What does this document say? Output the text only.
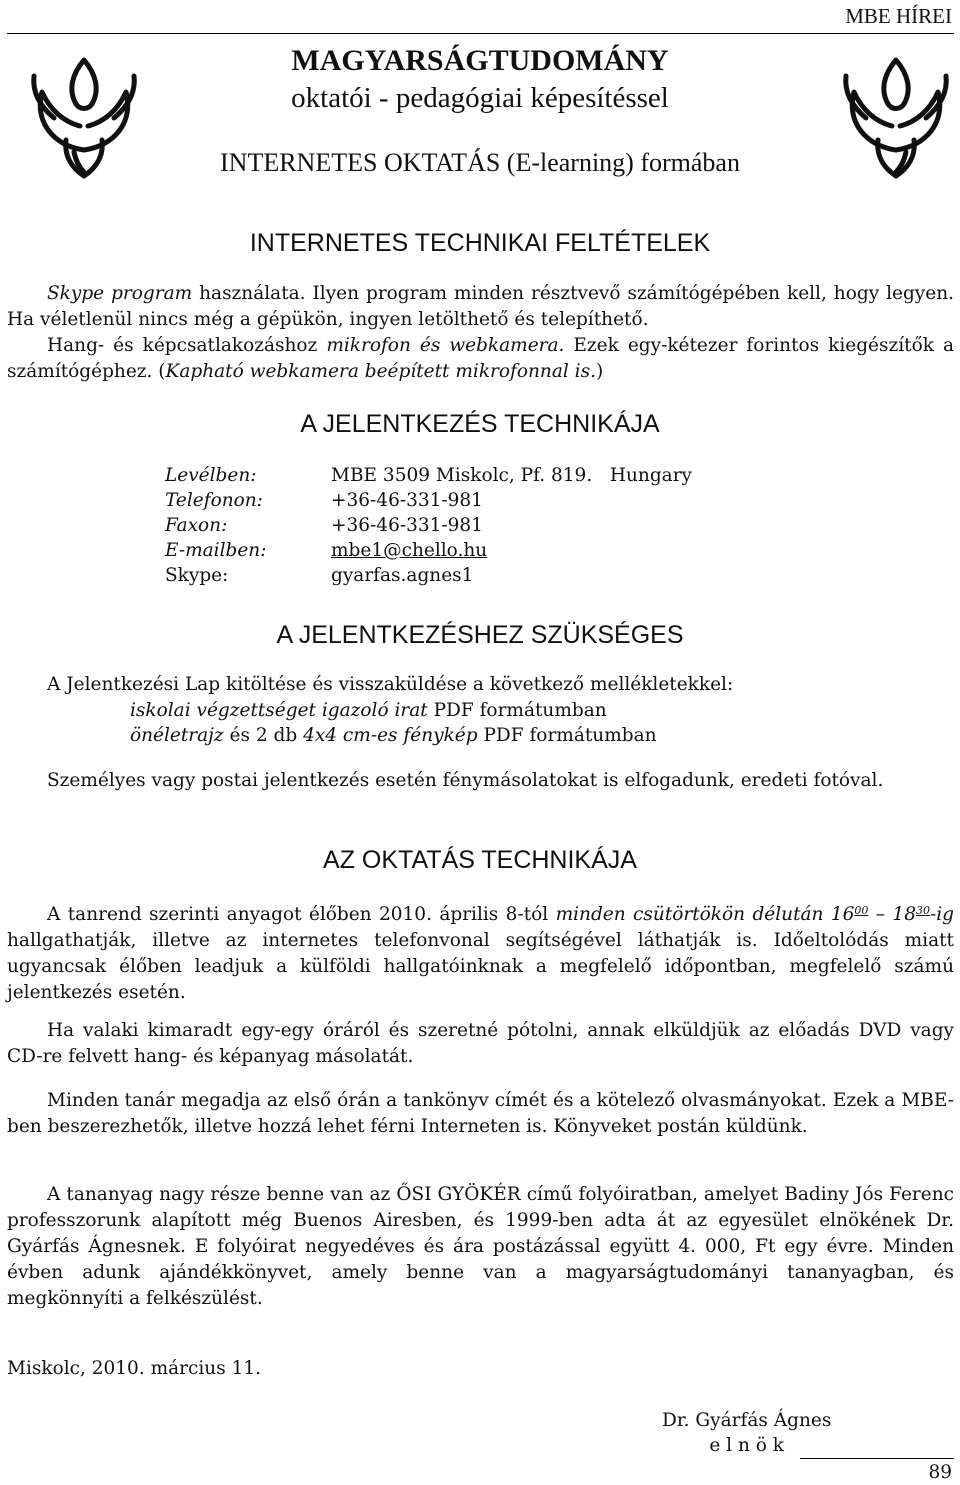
MBE HÍREI
MAGYARSÁGTUDOMÁNY
oktatói - pedagógiai képesítéssel
INTERNETES OKTATÁS (E-learning) formában
INTERNETES TECHNIKAI FELTÉTELEK

Skype program használata. Ilyen program minden résztvevő számítógépében kell, hogy legyen. Ha véletlenül nincs még a gépükön, ingyen letölthető és telepíthető.

Hang- és képcsatlakozáshoz mikrofon és webkamera. Ezek egy-kétezer forintos kiegészítők a számítógéphez. (Kapható webkamera beépített mikrofonnal is.)

A JELENTKEZÉS TECHNIKÁJA
Levélben:	MBE 3509 Miskolc, Pf. 819.   Hungary
Telefonon:	+36-46-331-981
Faxon:	+36-46-331-981
E-mailben:	mbe1@chello.hu
Skype:	gyarfas.agnes1
A JELENTKEZÉSHEZ SZÜKSÉGES

A Jelentkezési Lap kitöltése és visszaküldése a következő mellékletekkel:

iskolai végzettséget igazoló irat PDF formátumban

önéletrajz és 2 db 4x4 cm-es fénykép PDF formátumban

Személyes vagy postai jelentkezés esetén fénymásolatokat is elfogadunk, eredeti fotóval.

AZ OKTATÁS TECHNIKÁJA

A tanrend szerinti anyagot élőben 2010. április 8-tól minden csütörtökön délután $16^{00} - 18^{30}-ig$ hallgathatják, illetve az internetes telefonvonal segítségével láthatják is. Időeltolódás miatt ugyancsak élőben leadjuk a külföldi hallgatóinknak a megfelelő időpontban, megfelelő számú jelentkezés esetén.

Ha valaki kimaradt egy-egy óráról és szeretné pótolni, annak elküldjük az előadás DVD vagy CD-re felvett hang- és képanyag másolatát.

Minden tanár megadja az első órán a tankönyv címét és a kötelező olvasmányokat. Ezek a MBE-ben beszerezhetők, illetve hozzá lehet férni Interneten is. Könyveket postán küldünk.

A tananyag nagy része benne van az ŐSI GYÖKÉR című folyóiratban, amelyet Badiny Jós Ferenc professzorunk alapított még Buenos Airesben, és 1999-ben adta át az egyesület elnökének Dr. Gyárfás Ágnesnek. E folyóirat negyedéves és ára postázással együtt 4. 000, Ft egy évre. Minden évben adunk ajándékkönyvet, amely benne van a magyarságtudományi tananyagban, és megkönnyíti a felkészülést.

Miskolc, 2010. március 11.

Dr. Gyárfás Ágnes
e l n ö k
89
